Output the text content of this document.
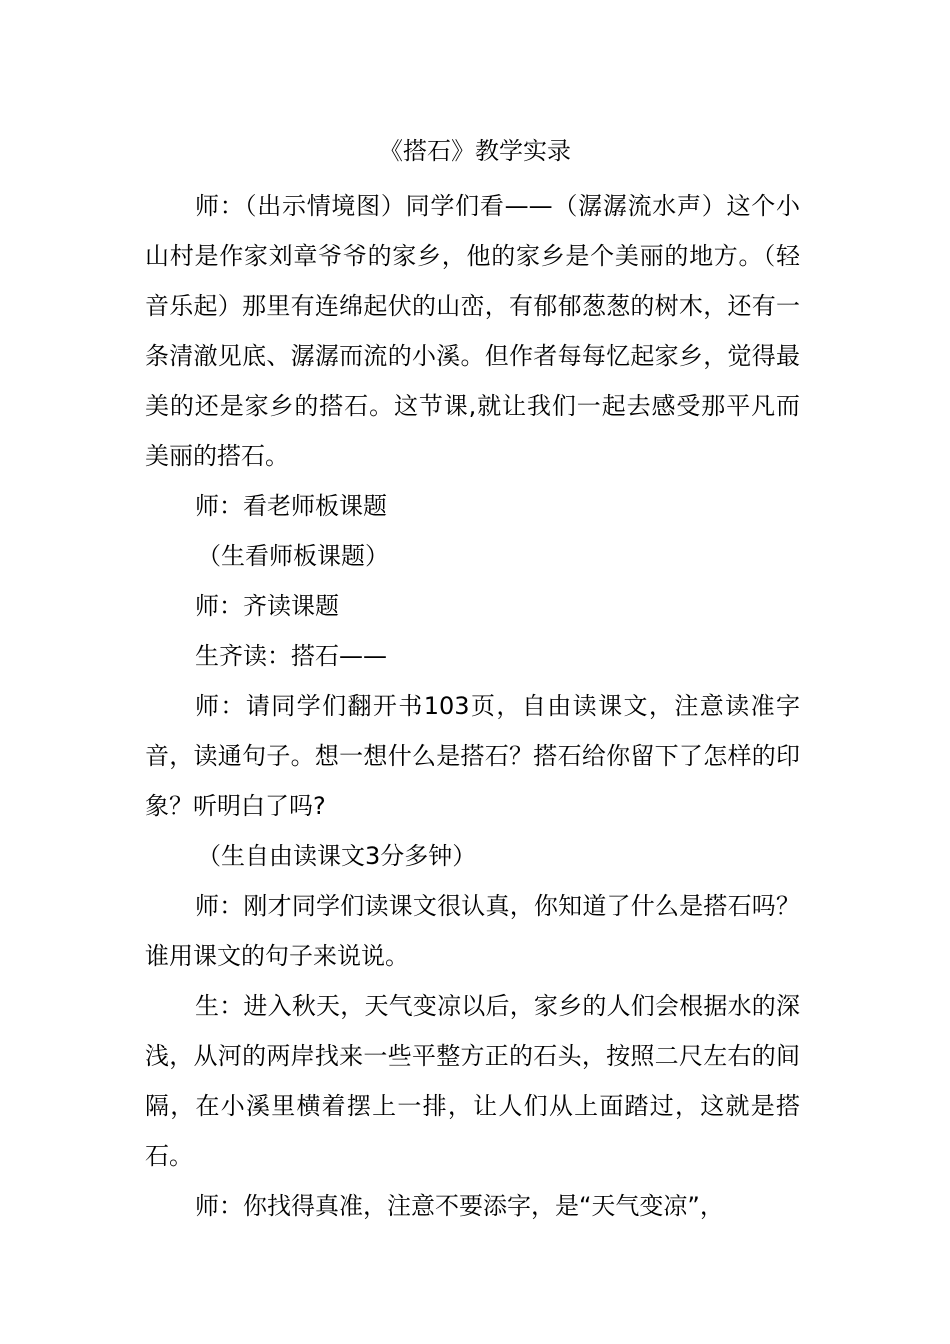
《搭石》教学实录

师：（出示情境图）同学们看——（潺潺流水声）这个小山村是作家刘章爷爷的家乡，他的家乡是个美丽的地方。（轻音乐起）那里有连绵起伏的山峦，有郁郁葱葱的树木，还有一条清澈见底、潺潺而流的小溪。但作者每每忆起家乡，觉得最美的还是家乡的搭石。这节课,就让我们一起去感受那平凡而美丽的搭石。

师：看老师板课题

（生看师板课题）

师：齐读课题

生齐读：搭石——

师：请同学们翻开书103页，自由读课文，注意读准字音，读通句子。想一想什么是搭石？搭石给你留下了怎样的印象？听明白了吗?

（生自由读课文3分多钟）

师：刚才同学们读课文很认真，你知道了什么是搭石吗？谁用课文的句子来说说。

生：进入秋天，天气变凉以后，家乡的人们会根据水的深浅，从河的两岸找来一些平整方正的石头，按照二尺左右的间隔，在小溪里横着摆上一排，让人们从上面踏过，这就是搭石。

师：你找得真准，注意不要添字，是“天气变凉”，
